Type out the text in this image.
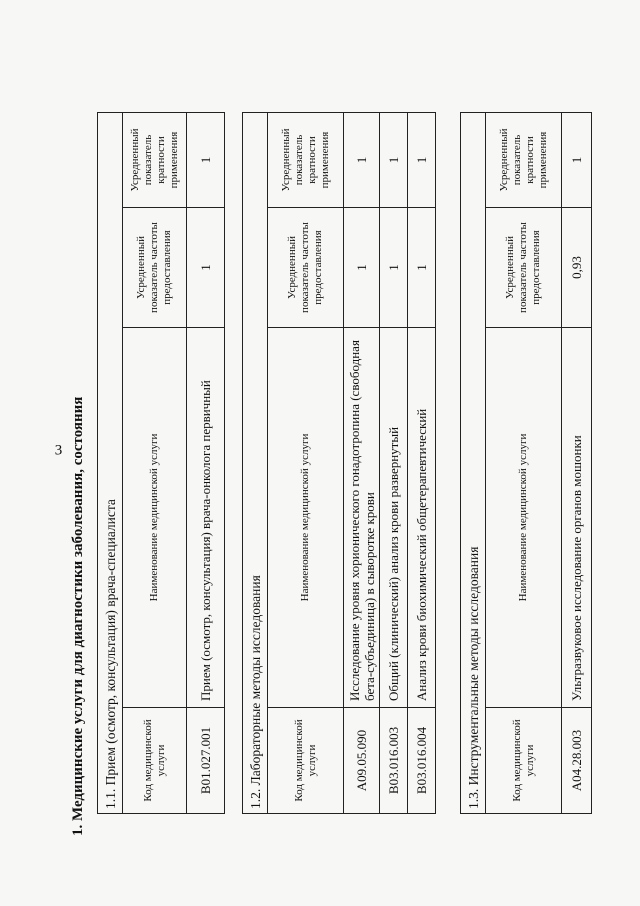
3 1. Медицинские услуги для диагностики заболевания, состояния 1.1. Прием (осмотр, консультация) врача-специалиста			
Код медицинской услуги	Наименование медицинской услуги	Усредненный показатель частоты предоставления	Усредненный показатель кратности применения
B01.027.001	Прием (осмотр, консультация) врача-онколога первичный	1	1
1.2. Лабораторные методы исследования			
Код медицинской услуги	Наименование медицинской услуги	Усредненный показатель частоты предоставления	Усредненный показатель кратности применения
A09.05.090	Исследование уровня хорионического гонадотропина (свободная бета-субъединица) в сыворотке крови	1	1
B03.016.003	Общий (клинический) анализ крови развернутый	1	1
B03.016.004	Анализ крови биохимический общетерапевтический	1	1
1.3. Инструментальные методы исследования			
Код медицинской услуги	Наименование медицинской услуги	Усредненный показатель частоты предоставления	Усредненный показатель кратности применения
A04.28.003	Ультразвуковое исследование органов мошонки	0,93	1
